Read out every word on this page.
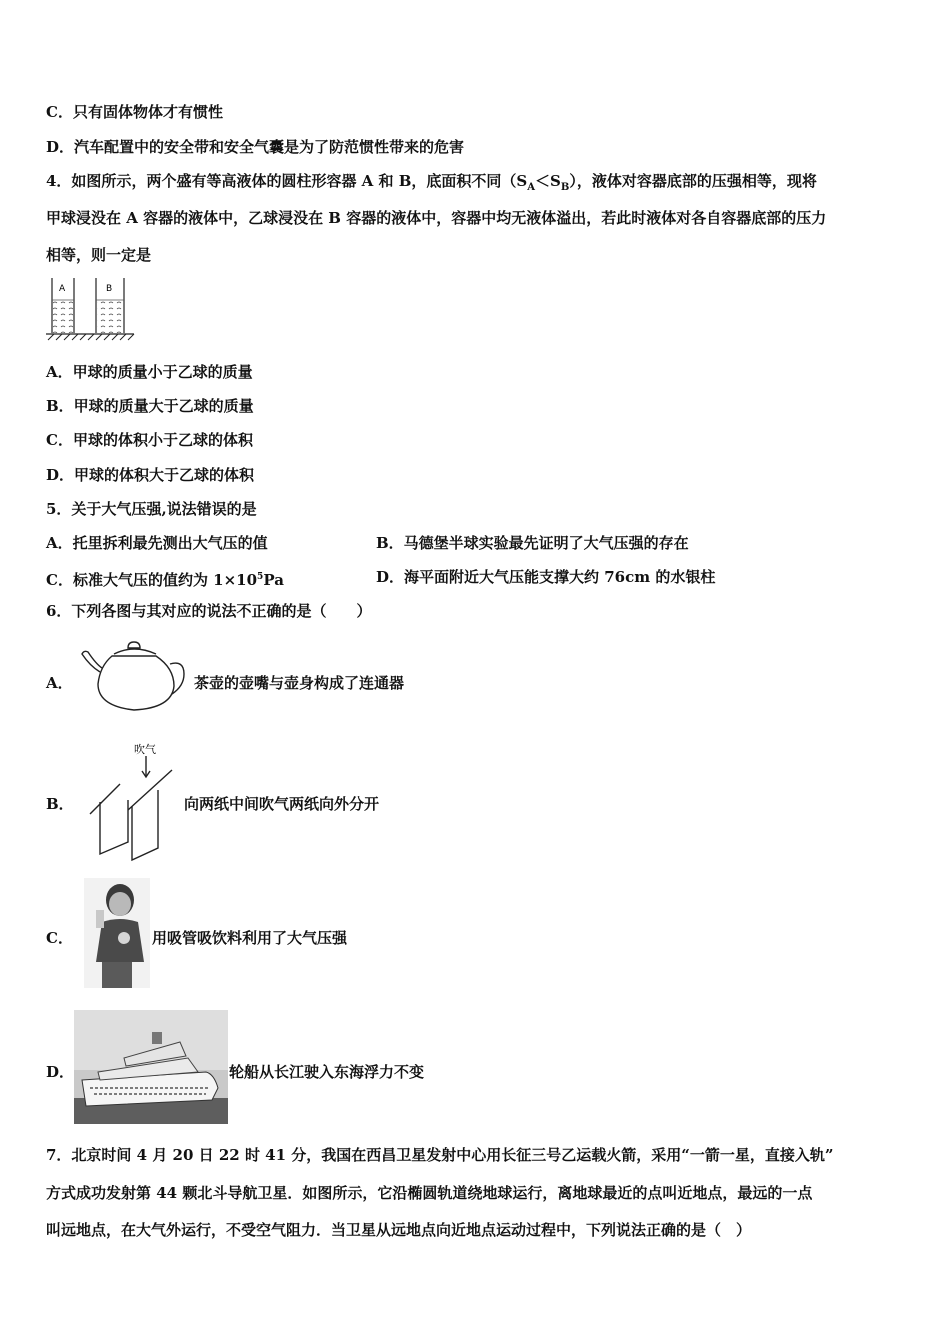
C．只有固体物体才有惯性
D．汽车配置中的安全带和安全气囊是为了防范惯性带来的危害
4．如图所示，两个盛有等高液体的圆柱形容器 A 和 B，底面积不同$(S_A<S_B)$，液体对容器底部的压强相等，现将
甲球浸没在 A 容器的液体中，乙球浸没在 B 容器的液体中，容器中均无液体溢出，若此时液体对各自容器底部的压力
相等，则一定是
A	B
A．甲球的质量小于乙球的质量
B．甲球的质量大于乙球的质量
C．甲球的体积小于乙球的体积
D．甲球的体积大于乙球的体积
5．关于大气压强,说法错误的是
A．托里拆利最先测出大气压的值	B．马德堡半球实验最先证明了大气压强的存在
C．标准大气压的值约为 $1\times 10^5Pa$	D．海平面附近大气压能支撑大约 76cm 的水银柱
6．下列各图与其对应的说法不正确的是（　　）
A．	茶壶的壶嘴与壶身构成了连通器
B．
吹气
向两纸中间吹气两纸向外分开
C．	用吸管吸饮料利用了大气压强
D．	轮船从长江驶入东海浮力不变
7．北京时间 4 月 20 日 22 时 41 分，我国在西昌卫星发射中心用长征三号乙运载火箭，采用“一箭一星，直接入轨”
方式成功发射第 44 颗北斗导航卫星．如图所示，它沿椭圆轨道绕地球运行，离地球最近的点叫近地点，最远的一点
叫远地点，在大气外运行，不受空气阻力．当卫星从远地点向近地点运动过程中，下列说法正确的是（　）
